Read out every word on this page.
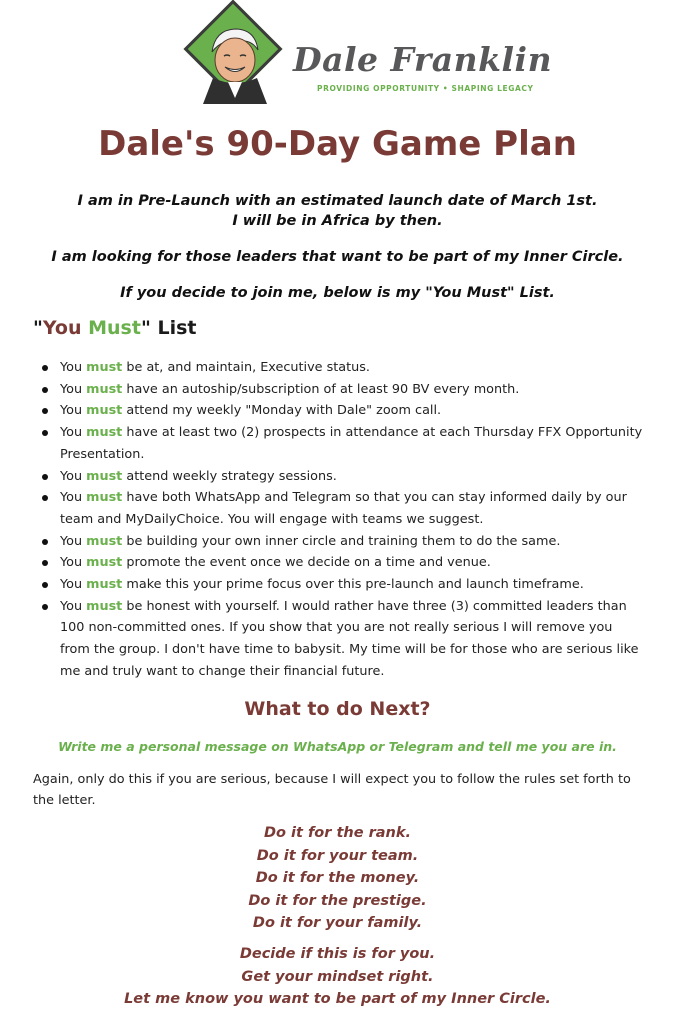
Dale Franklin
PROVIDING OPPORTUNITY • SHAPING LEGACY
Dale's 90-Day Game Plan

I am in Pre-Launch with an estimated launch date of March 1st.

I will be in Africa by then.

I am looking for those leaders that want to be part of my Inner Circle.

If you decide to join me, below is my "You Must" List.

"You Must" List
You must be at, and maintain, Executive status.
You must have an autoship/subscription of at least 90 BV every month.
You must attend my weekly "Monday with Dale" zoom call.
You must have at least two (2) prospects in attendance at each Thursday FFX Opportunity Presentation.
You must attend weekly strategy sessions.
You must have both WhatsApp and Telegram so that you can stay informed daily by our team and MyDailyChoice. You will engage with teams we suggest.
You must be building your own inner circle and training them to do the same.
You must promote the event once we decide on a time and venue.
You must make this your prime focus over this pre-launch and launch timeframe.
You must be honest with yourself. I would rather have three (3) committed leaders than 100 non-committed ones. If you show that you are not really serious I will remove you from the group. I don't have time to babysit. My time will be for those who are serious like me and truly want to change their financial future.
What to do Next?

Write me a personal message on WhatsApp or Telegram and tell me you are in.

Again, only do this if you are serious, because I will expect you to follow the rules set forth to the letter.

Do it for the rank.
Do it for your team.
Do it for the money.
Do it for the prestige.
Do it for your family.
Decide if this is for you.
Get your mindset right.
Let me know you want to be part of my Inner Circle.
